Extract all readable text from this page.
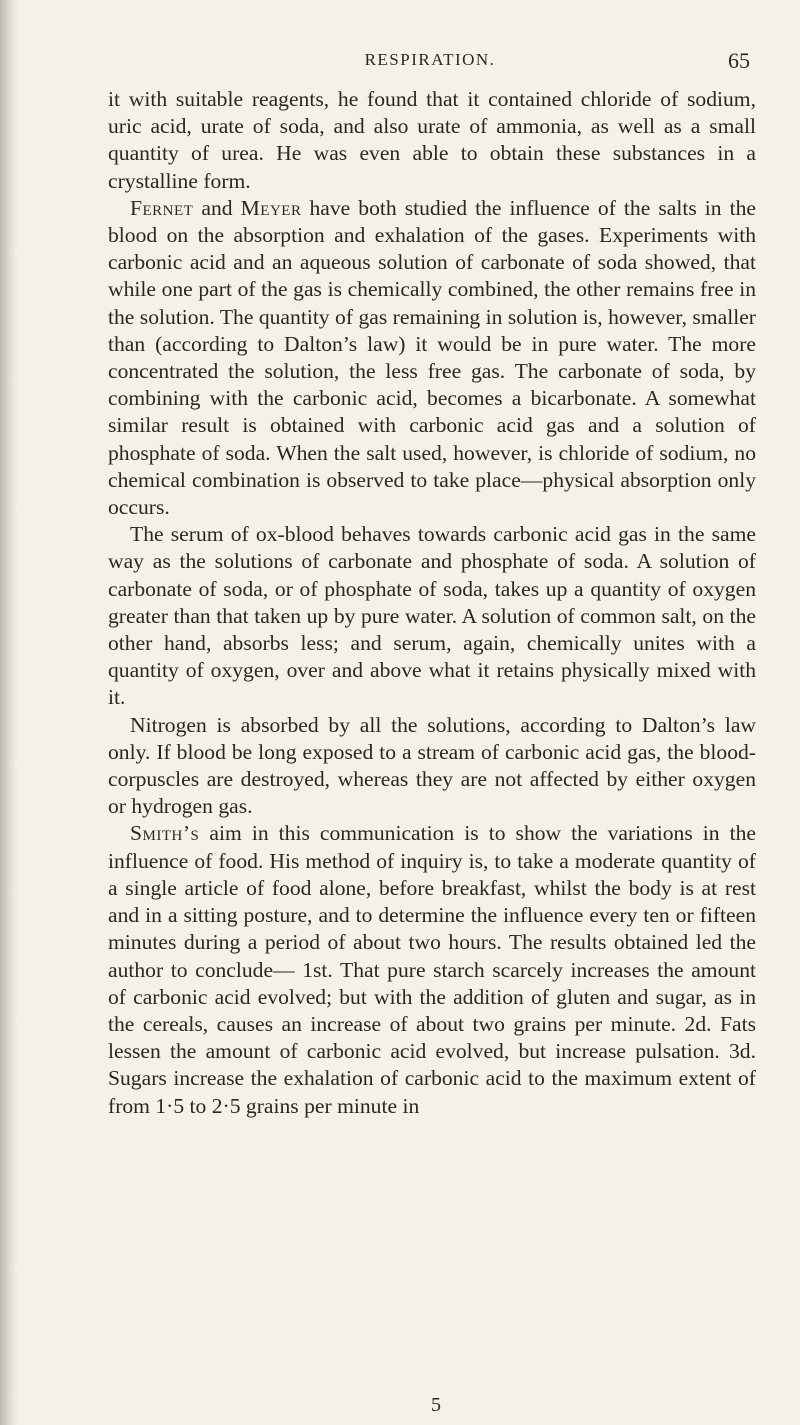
RESPIRATION.	65

it with suitable reagents, he found that it contained chloride of sodium, uric acid, urate of soda, and also urate of ammonia, as well as a small quantity of urea. He was even able to obtain these substances in a crystalline form.

Fernet and Meyer have both studied the influence of the salts in the blood on the absorption and exhalation of the gases. Experiments with carbonic acid and an aqueous solution of carbonate of soda showed, that while one part of the gas is chemically combined, the other remains free in the solution. The quantity of gas remaining in solution is, however, smaller than (according to Dalton’s law) it would be in pure water. The more concentrated the solution, the less free gas. The carbonate of soda, by combining with the carbonic acid, becomes a bicarbonate. A somewhat similar result is obtained with carbonic acid gas and a solution of phosphate of soda. When the salt used, however, is chloride of sodium, no chemical combination is observed to take place—physical absorption only occurs.

The serum of ox-blood behaves towards carbonic acid gas in the same way as the solutions of carbonate and phosphate of soda. A solution of carbonate of soda, or of phosphate of soda, takes up a quantity of oxygen greater than that taken up by pure water. A solution of common salt, on the other hand, absorbs less; and serum, again, chemically unites with a quantity of oxygen, over and above what it retains physically mixed with it.

Nitrogen is absorbed by all the solutions, according to Dalton’s law only. If blood be long exposed to a stream of carbonic acid gas, the blood-corpuscles are destroyed, whereas they are not affected by either oxygen or hydrogen gas.

Smith’s aim in this communication is to show the variations in the influence of food. His method of inquiry is, to take a moderate quantity of a single article of food alone, before breakfast, whilst the body is at rest and in a sitting posture, and to determine the influence every ten or fifteen minutes during a period of about two hours. The results obtained led the author to conclude— 1st. That pure starch scarcely increases the amount of carbonic acid evolved; but with the addition of gluten and sugar, as in the cereals, causes an increase of about two grains per minute. 2d. Fats lessen the amount of carbonic acid evolved, but increase pulsation. 3d. Sugars increase the exhalation of carbonic acid to the maximum extent of from 1·5 to 2·5 grains per minute in

5
